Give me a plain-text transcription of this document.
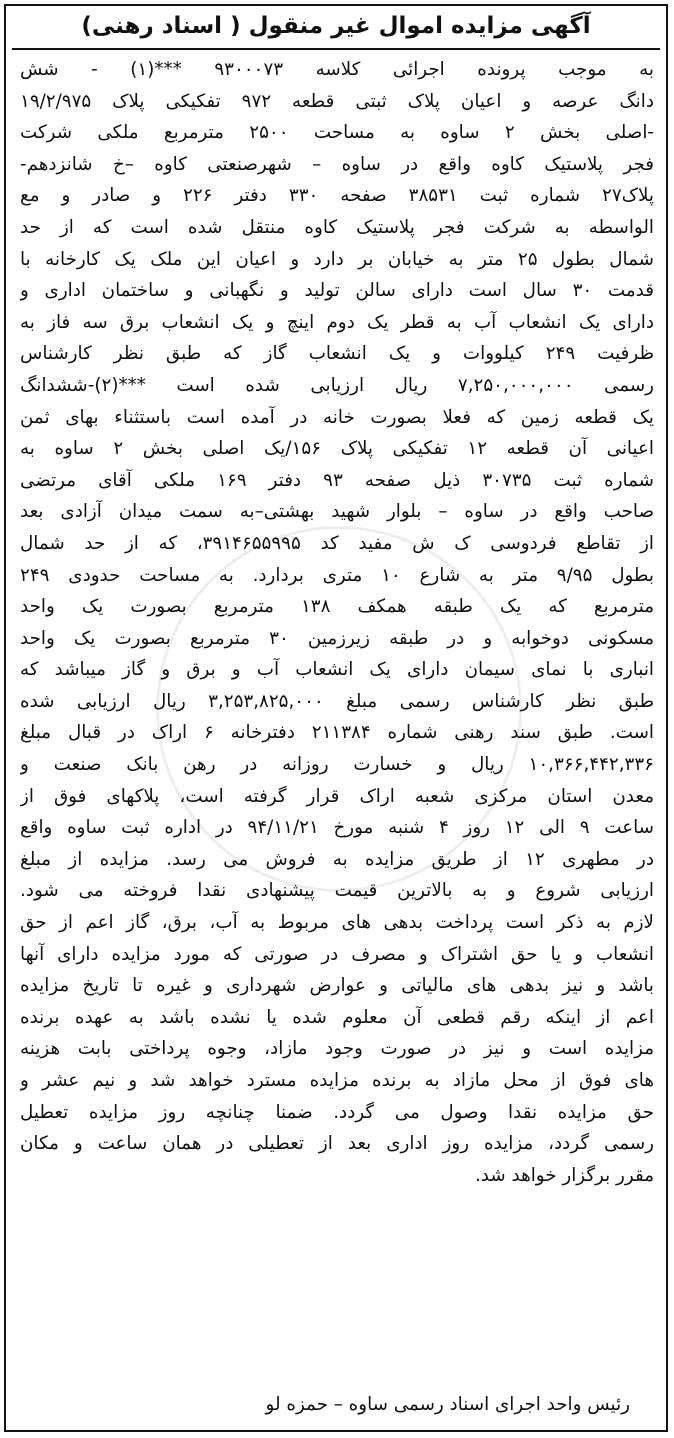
آگهی مزایده اموال غیر منقول ( اسناد رهنی)

به موجب پرونده اجرائی کلاسه ۹۳۰۰۰۷۳ ***(۱) - شش

دانگ عرصه و اعیان پلاک ثبتی قطعه ۹۷۲ تفکیکی پلاک ۱۹/۲/۹۷۵

-اصلی بخش ۲ ساوه به مساحت ۲۵۰۰ مترمربع ملکی شرکت

فجر پلاستیک کاوه واقع در ساوه – شهرصنعتی کاوه –خ شانزدهم-

پلاک۲۷ شماره ثبت ۳۸۵۳۱ صفحه ۳۳۰ دفتر ۲۲۶ و صادر و مع

الواسطه به شرکت فجر پلاستیک کاوه منتقل شده است که از حد

شمال بطول ۲۵ متر به خیابان بر دارد و اعیان این ملک یک کارخانه با

قدمت ۳۰ سال است دارای سالن تولید و نگهبانی و ساختمان اداری و

دارای یک انشعاب آب به قطر یک دوم اینچ و یک انشعاب برق سه فاز به

ظرفیت ۲۴۹ کیلووات و یک انشعاب گاز که طبق نظر کارشناس

رسمی ۷,۲۵۰,۰۰۰,۰۰۰ ریال ارزیابی شده است ***(۲)-ششدانگ

یک قطعه زمین که فعلا بصورت خانه در آمده است باستثناء بهای ثمن

اعیانی آن قطعه ۱۲ تفکیکی پلاک ۱۵۶/یک اصلی بخش ۲ ساوه به

شماره ثبت ۳۰۷۳۵ ذیل صفحه ۹۳ دفتر ۱۶۹ ملکی آقای مرتضی

صاحب واقع در ساوه – بلوار شهید بهشتی–به سمت میدان آزادی بعد

از تقاطع فردوسی ک ش مفید کد ۳۹۱۴۶۵۵۹۹۵، که از حد شمال

بطول ۹/۹۵ متر به شارع ۱۰ متری بردارد. به مساحت حدودی ۲۴۹

مترمربع که یک طبقه همکف ۱۳۸ مترمربع بصورت یک واحد

مسکونی دوخوابه و در طبقه زیرزمین ۳۰ مترمربع بصورت یک واحد

انباری با نمای سیمان دارای یک انشعاب آب و برق و گاز میباشد که

طبق نظر کارشناس رسمی مبلغ ۳,۲۵۳,۸۲۵,۰۰۰ ریال ارزیابی شده

است. طبق سند رهنی شماره ۲۱۱۳۸۴ دفترخانه ۶ اراک در قبال مبلغ

۱۰,۳۶۶,۴۴۲,۳۳۶ ریال و خسارت روزانه در رهن بانک صنعت و

معدن استان مرکزی شعبه اراک قرار گرفته است، پلاکهای فوق از

ساعت ۹ الی ۱۲ روز ۴ شنبه مورخ ۹۴/۱۱/۲۱ در اداره ثبت ساوه واقع

در مطهری ۱۲ از طریق مزایده به فروش می رسد. مزایده از مبلغ

ارزیابی شروع و به بالاترین قیمت پیشنهادی نقدا فروخته می شود.

لازم به ذکر است پرداخت بدهی های مربوط به آب، برق، گاز اعم از حق

انشعاب و یا حق اشتراک و مصرف در صورتی که مورد مزایده دارای آنها

باشد و نیز بدهی های مالیاتی و عوارض شهرداری و غیره تا تاریخ مزایده

اعم از اینکه رقم قطعی آن معلوم شده یا نشده باشد به عهده برنده

مزایده است و نیز در صورت وجود مازاد، وجوه پرداختی بابت هزینه

های فوق از محل مازاد به برنده مزایده مسترد خواهد شد و نیم عشر و

حق مزایده نقدا وصول می گردد. ضمنا چنانچه روز مزایده تعطیل

رسمی گردد، مزایده روز اداری بعد از تعطیلی در همان ساعت و مکان

مقرر برگزار خواهد شد.

رئیس واحد اجرای اسناد رسمی ساوه – حمزه لو
